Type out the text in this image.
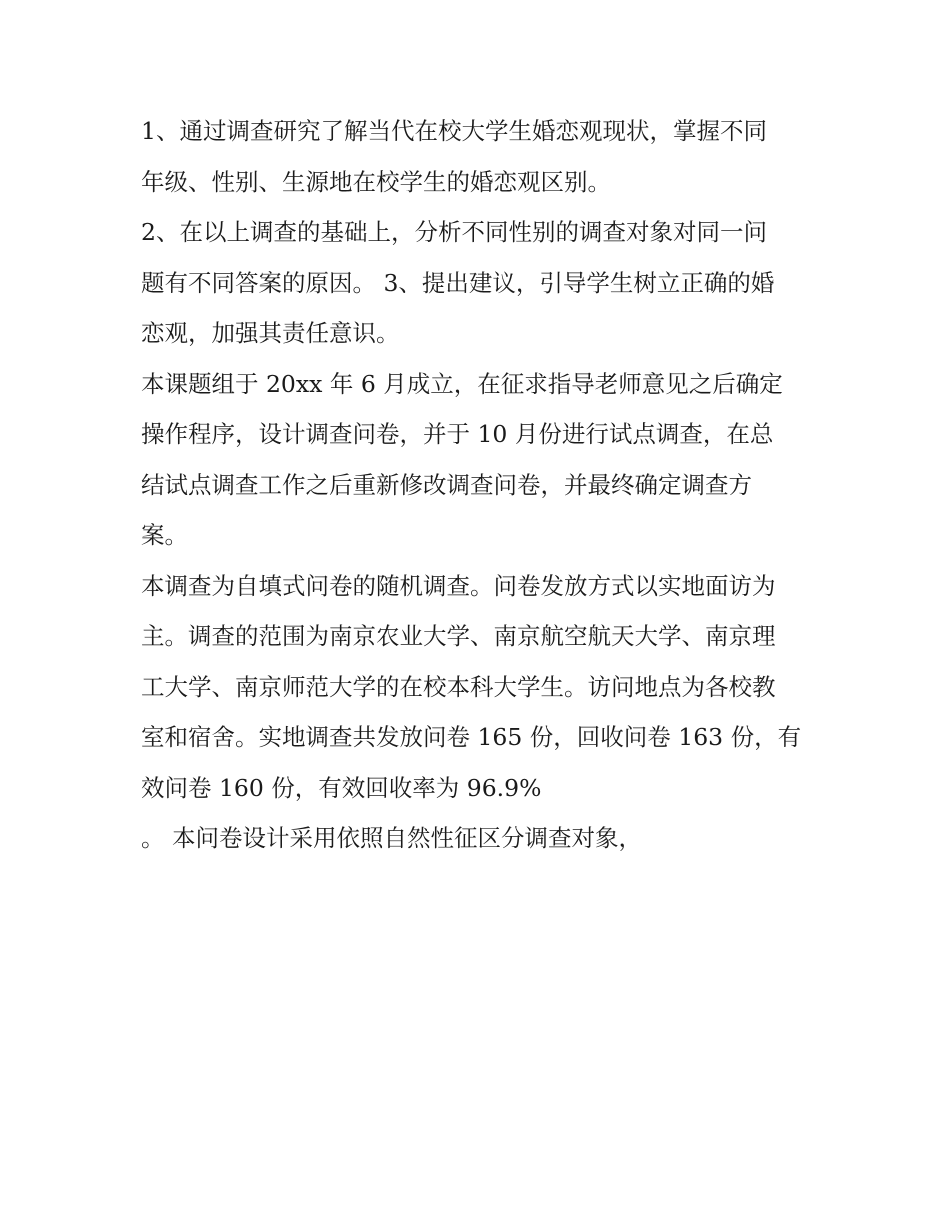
1、通过调查研究了解当代在校大学生婚恋观现状，掌握不同
年级、性别、生源地在校学生的婚恋观区别。
2、在以上调查的基础上，分析不同性别的调查对象对同一问
题有不同答案的原因。 3、提出建议，引导学生树立正确的婚
恋观，加强其责任意识。
本课题组于 20xx 年 6 月成立，在征求指导老师意见之后确定
操作程序，设计调查问卷，并于 10 月份进行试点调查，在总
结试点调查工作之后重新修改调查问卷，并最终确定调查方
案。
本调查为自填式问卷的随机调查。问卷发放方式以实地面访为
主。调查的范围为南京农业大学、南京航空航天大学、南京理
工大学、南京师范大学的在校本科大学生。访问地点为各校教
室和宿舍。实地调查共发放问卷 165 份，回收问卷 163 份，有
效问卷 160 份，有效回收率为 96.9%
。 本问卷设计采用依照自然性征区分调查对象，
